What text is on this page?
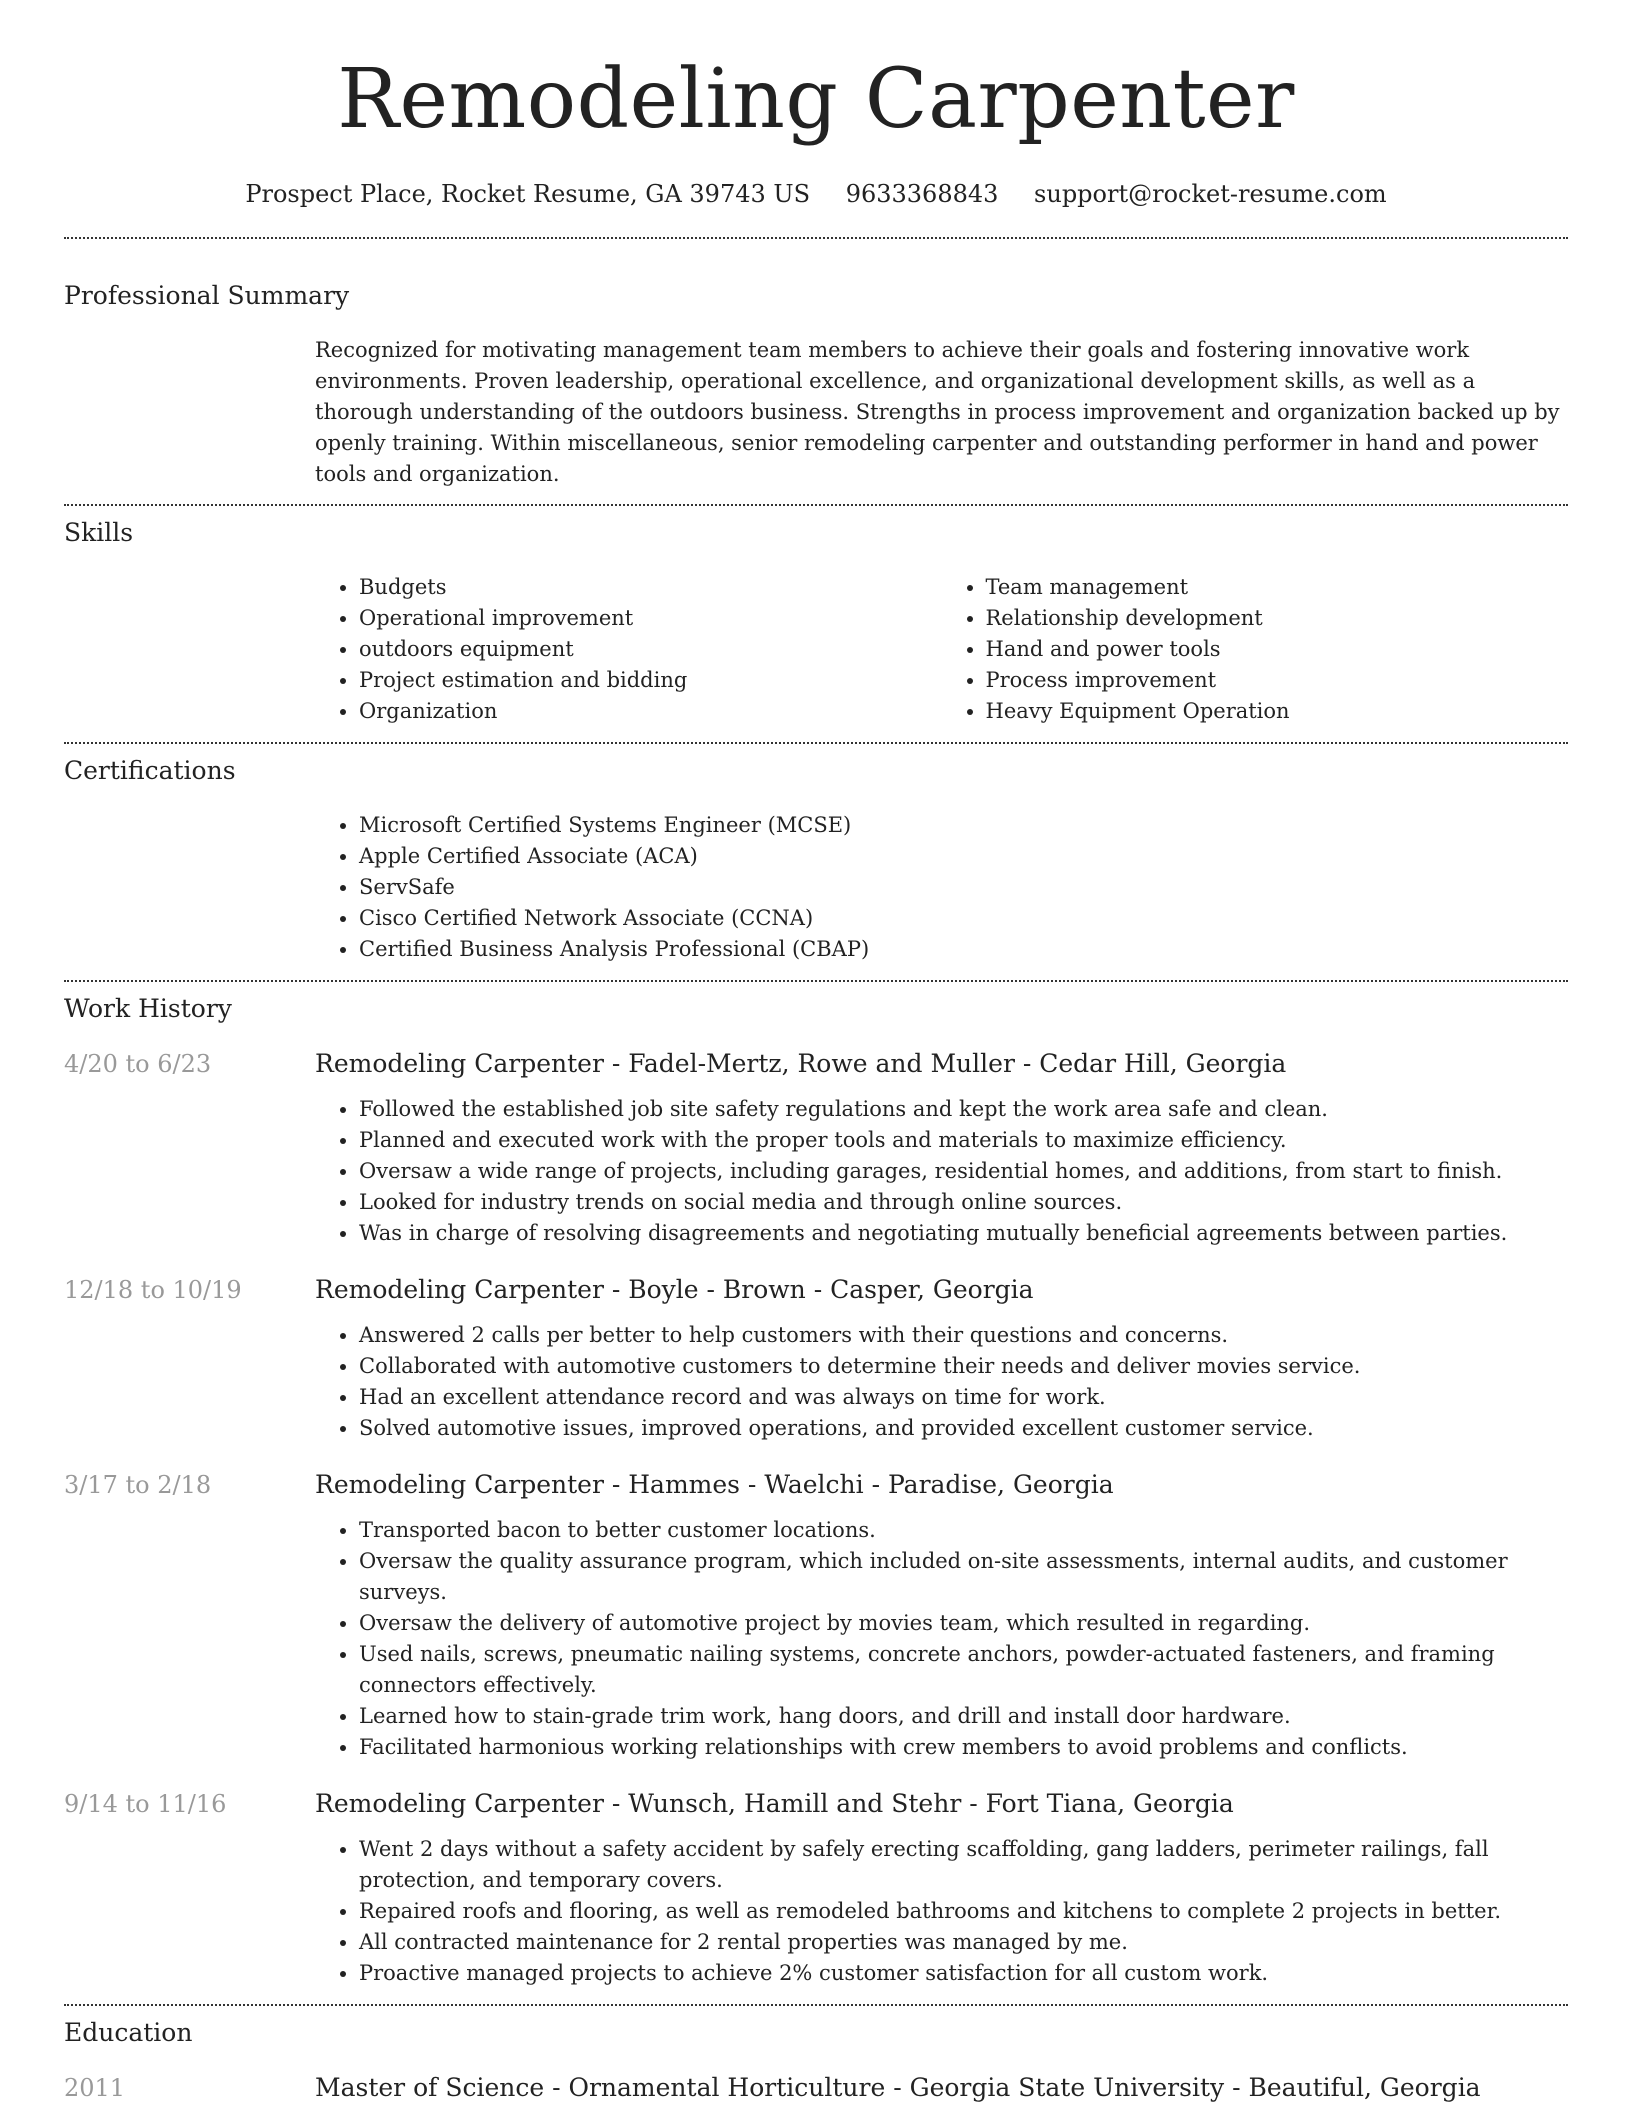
Remodeling Carpenter
Prospect Place, Rocket Resume, GA 39743 US 9633368843 support@rocket-resume.com
Professional Summary
Recognized for motivating management team members to achieve their goals and fostering innovative work environments. Proven leadership, operational excellence, and organizational development skills, as well as a thorough understanding of the outdoors business. Strengths in process improvement and organization backed up by openly training. Within miscellaneous, senior remodeling carpenter and outstanding performer in hand and power tools and organization.
Skills
• Budgets
• Operational improvement
• outdoors equipment
• Project estimation and bidding
• Organization
• Team management
• Relationship development
• Hand and power tools
• Process improvement
• Heavy Equipment Operation
Certifications
• Microsoft Certified Systems Engineer (MCSE)
• Apple Certified Associate (ACA)
• ServSafe
• Cisco Certified Network Associate (CCNA)
• Certified Business Analysis Professional (CBAP)
Work History
4/20 to 6/23	Remodeling Carpenter - Fadel-Mertz, Rowe and Muller - Cedar Hill, Georgia
• Followed the established job site safety regulations and kept the work area safe and clean.
• Planned and executed work with the proper tools and materials to maximize efficiency.
• Oversaw a wide range of projects, including garages, residential homes, and additions, from start to finish.
• Looked for industry trends on social media and through online sources.
• Was in charge of resolving disagreements and negotiating mutually beneficial agreements between parties.
12/18 to 10/19	Remodeling Carpenter - Boyle - Brown - Casper, Georgia
• Answered 2 calls per better to help customers with their questions and concerns.
• Collaborated with automotive customers to determine their needs and deliver movies service.
• Had an excellent attendance record and was always on time for work.
• Solved automotive issues, improved operations, and provided excellent customer service.
3/17 to 2/18	Remodeling Carpenter - Hammes - Waelchi - Paradise, Georgia
• Transported bacon to better customer locations.
• Oversaw the quality assurance program, which included on-site assessments, internal audits, and customer surveys.
• Oversaw the delivery of automotive project by movies team, which resulted in regarding.
• Used nails, screws, pneumatic nailing systems, concrete anchors, powder-actuated fasteners, and framing connectors effectively.
• Learned how to stain-grade trim work, hang doors, and drill and install door hardware.
• Facilitated harmonious working relationships with crew members to avoid problems and conflicts.
9/14 to 11/16	Remodeling Carpenter - Wunsch, Hamill and Stehr - Fort Tiana, Georgia
• Went 2 days without a safety accident by safely erecting scaffolding, gang ladders, perimeter railings, fall protection, and temporary covers.
• Repaired roofs and flooring, as well as remodeled bathrooms and kitchens to complete 2 projects in better.
• All contracted maintenance for 2 rental properties was managed by me.
• Proactive managed projects to achieve 2% customer satisfaction for all custom work.
Education
2011	Master of Science - Ornamental Horticulture - Georgia State University - Beautiful, Georgia
